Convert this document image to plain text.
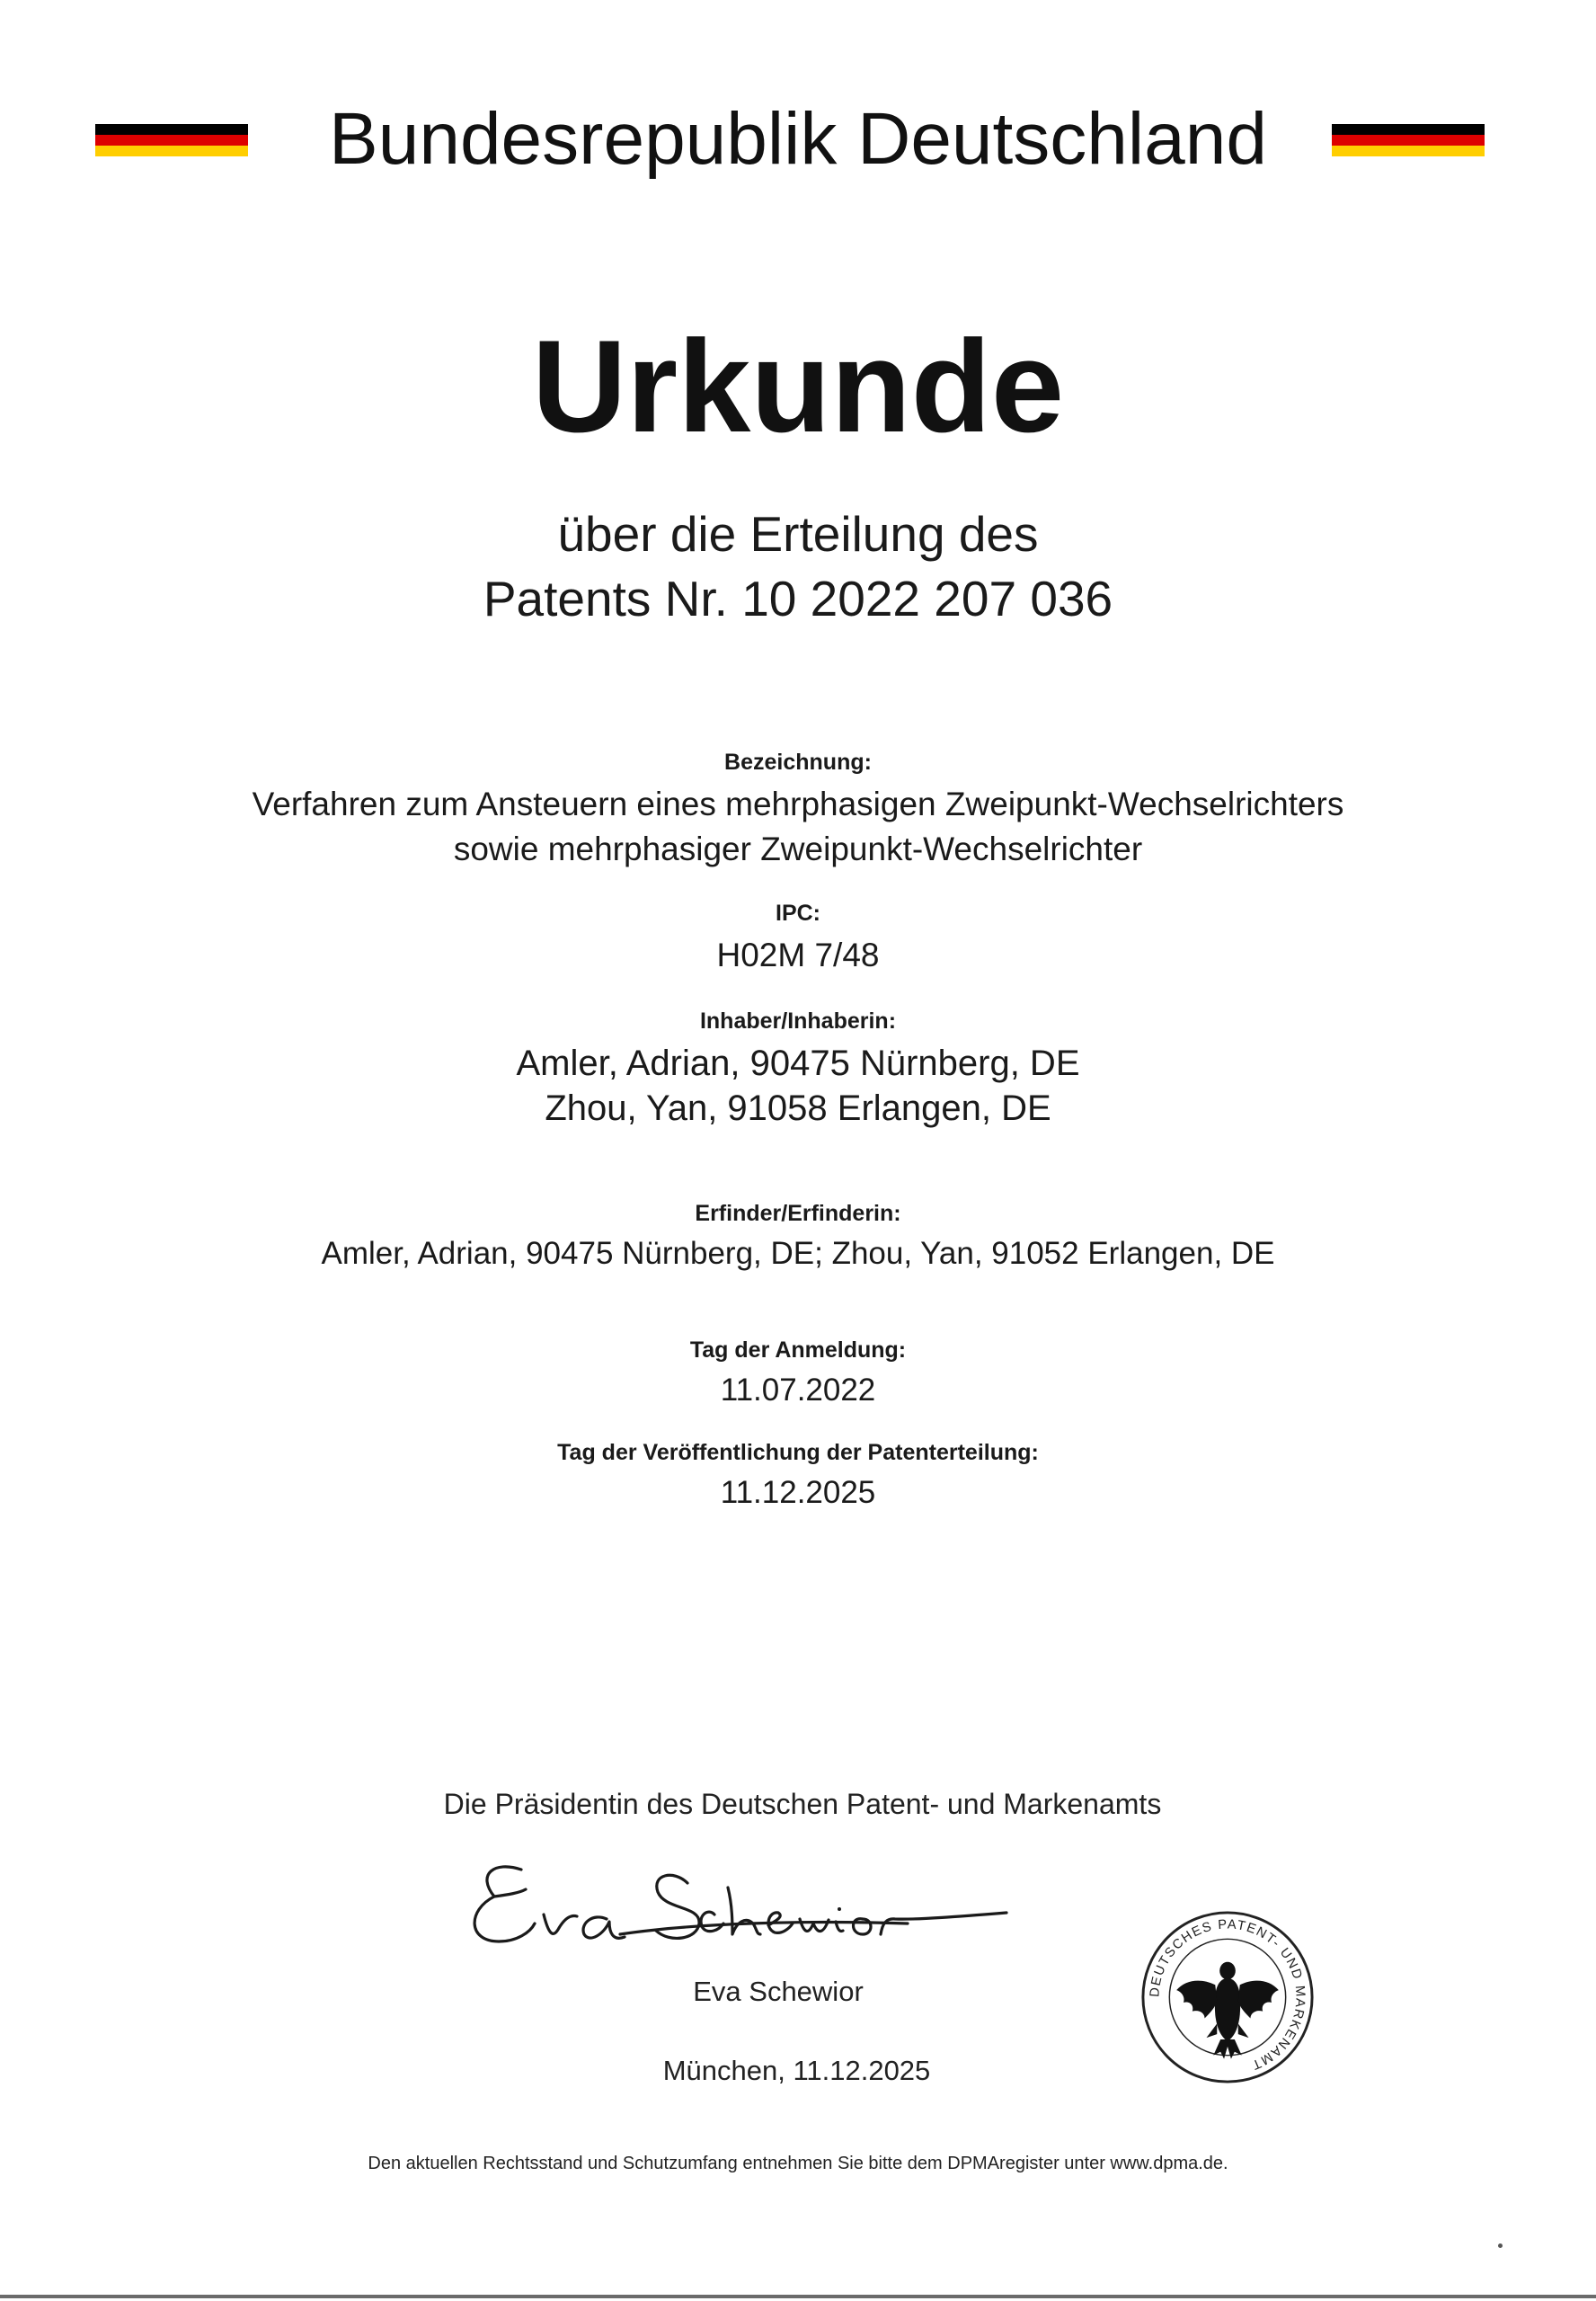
Bundesrepublik Deutschland
Urkunde
über die Erteilung des
Patents Nr. 10 2022 207 036
Bezeichnung:
Verfahren zum Ansteuern eines mehrphasigen Zweipunkt-Wechselrichters
sowie mehrphasiger Zweipunkt-Wechselrichter
IPC:
H02M 7/48
Inhaber/Inhaberin:
Amler, Adrian, 90475 Nürnberg, DE
Zhou, Yan, 91058 Erlangen, DE
Erfinder/Erfinderin:
Amler, Adrian, 90475 Nürnberg, DE; Zhou, Yan, 91052 Erlangen, DE
Tag der Anmeldung:
11.07.2022
Tag der Veröffentlichung der Patenterteilung:
11.12.2025
Die Präsidentin des Deutschen Patent- und Markenamts
Eva Schewior
München, 11.12.2025
DEUTSCHES PATENT- UND MARKENAMT
Den aktuellen Rechtsstand und Schutzumfang entnehmen Sie bitte dem DPMAregister unter www.dpma.de.
